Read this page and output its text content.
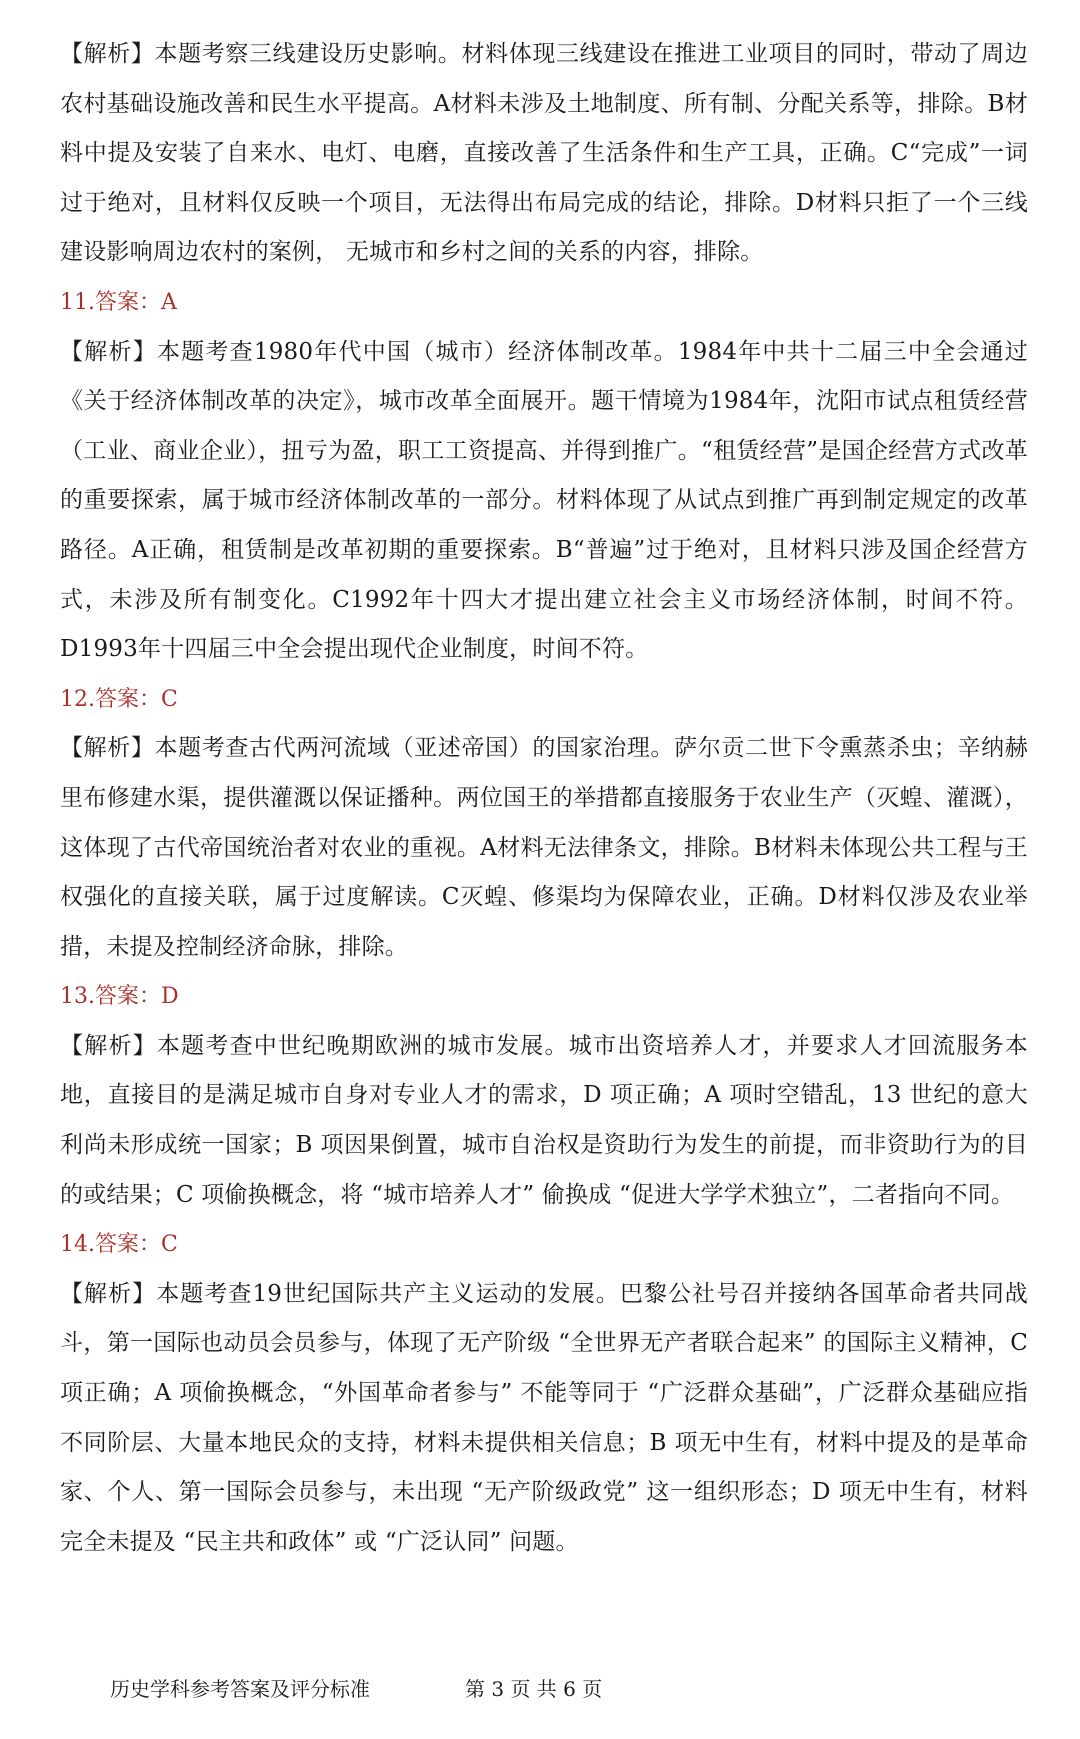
【解析】本题考察三线建设历史影响。材料体现三线建设在推进工业项目的同时，带动了周边农村基础设施改善和民生水平提高。A材料未涉及土地制度、所有制、分配关系等，排除。B材料中提及安装了自来水、电灯、电磨，直接改善了生活条件和生产工具，正确。C“完成”一词过于绝对，且材料仅反映一个项目，无法得出布局完成的结论，排除。D材料只拒了一个三线建设影响周边农村的案例， 无城市和乡村之间的关系的内容，排除。

11.答案：A

【解析】本题考查1980年代中国（城市）经济体制改革。1984年中共十二届三中全会通过《关于经济体制改革的决定》，城市改革全面展开。题干情境为1984年，沈阳市试点租赁经营（工业、商业企业），扭亏为盈，职工工资提高、并得到推广。“租赁经营”是国企经营方式改革的重要探索，属于城市经济体制改革的一部分。材料体现了从试点到推广再到制定规定的改革路径。A正确，租赁制是改革初期的重要探索。B“普遍”过于绝对，且材料只涉及国企经营方式，未涉及所有制变化。C1992年十四大才提出建立社会主义市场经济体制，时间不符。D1993年十四届三中全会提出现代企业制度，时间不符。

12.答案：C

【解析】本题考查古代两河流域（亚述帝国）的国家治理。萨尔贡二世下令熏蒸杀虫；辛纳赫里布修建水渠，提供灌溉以保证播种。两位国王的举措都直接服务于农业生产（灭蝗、灌溉），这体现了古代帝国统治者对农业的重视。A材料无法律条文，排除。B材料未体现公共工程与王权强化的直接关联，属于过度解读。C灭蝗、修渠均为保障农业，正确。D材料仅涉及农业举措，未提及控制经济命脉，排除。

13.答案：D

【解析】本题考查中世纪晚期欧洲的城市发展。城市出资培养人才，并要求人才回流服务本地，直接目的是满足城市自身对专业人才的需求，D 项正确；A 项时空错乱，13 世纪的意大利尚未形成统一国家；B 项因果倒置，城市自治权是资助行为发生的前提，而非资助行为的目的或结果；C 项偷换概念，将 “城市培养人才” 偷换成 “促进大学学术独立”，二者指向不同。

14.答案：C

【解析】本题考查19世纪国际共产主义运动的发展。巴黎公社号召并接纳各国革命者共同战斗，第一国际也动员会员参与，体现了无产阶级 “全世界无产者联合起来” 的国际主义精神，C 项正确；A 项偷换概念，“外国革命者参与” 不能等同于 “广泛群众基础”，广泛群众基础应指不同阶层、大量本地民众的支持，材料未提供相关信息；B 项无中生有，材料中提及的是革命家、个人、第一国际会员参与，未出现 “无产阶级政党” 这一组织形态；D 项无中生有，材料完全未提及 “民主共和政体” 或 “广泛认同” 问题。

历史学科参考答案及评分标准	第 3 页 共 6 页
